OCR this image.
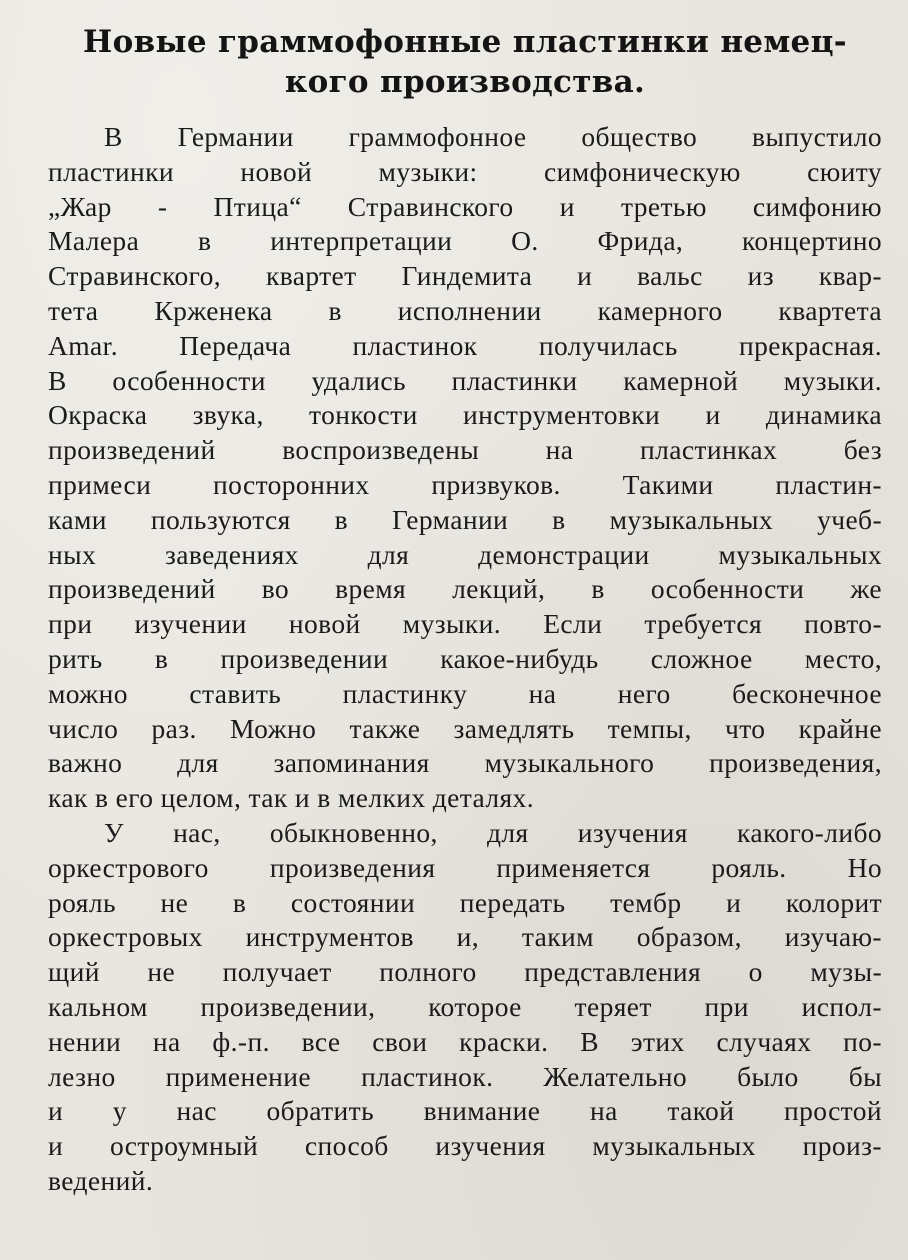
Новые граммофонные пластинки немец-
кого производства.

В Германии граммофонное общество выпустило
пластинки новой музыки: симфоническую сюиту
„Жар - Птица“ Стравинского и третью симфонию
Малера в интерпретации О. Фрида, концертино
Стравинского, квартет Гиндемита и вальс из квар-
тета Крженека в исполнении камерного квартета
Amar. Передача пластинок получилась прекрасная.
В особенности удались пластинки камерной музыки.
Окраска звука, тонкости инструментовки и динамика
произведений воспроизведены на пластинках без
примеси посторонних призвуков. Такими пластин-
ками пользуются в Германии в музыкальных учеб-
ных заведениях для демонстрации музыкальных
произведений во время лекций, в особенности же
при изучении новой музыки. Если требуется повто-
рить в произведении какое-нибудь сложное место,
можно ставить пластинку на него бесконечное
число раз. Можно также замедлять темпы, что крайне
важно для запоминания музыкального произведения,
как в его целом, так и в мелких деталях.

У нас, обыкновенно, для изучения какого-либо
оркестрового произведения применяется рояль. Но
рояль не в состоянии передать тембр и колорит
оркестровых инструментов и, таким образом, изучаю-
щий не получает полного представления о музы-
кальном произведении, которое теряет при испол-
нении на ф.-п. все свои краски. В этих случаях по-
лезно применение пластинок. Желательно было бы
и у нас обратить внимание на такой простой
и остроумный способ изучения музыкальных произ-
ведений.
